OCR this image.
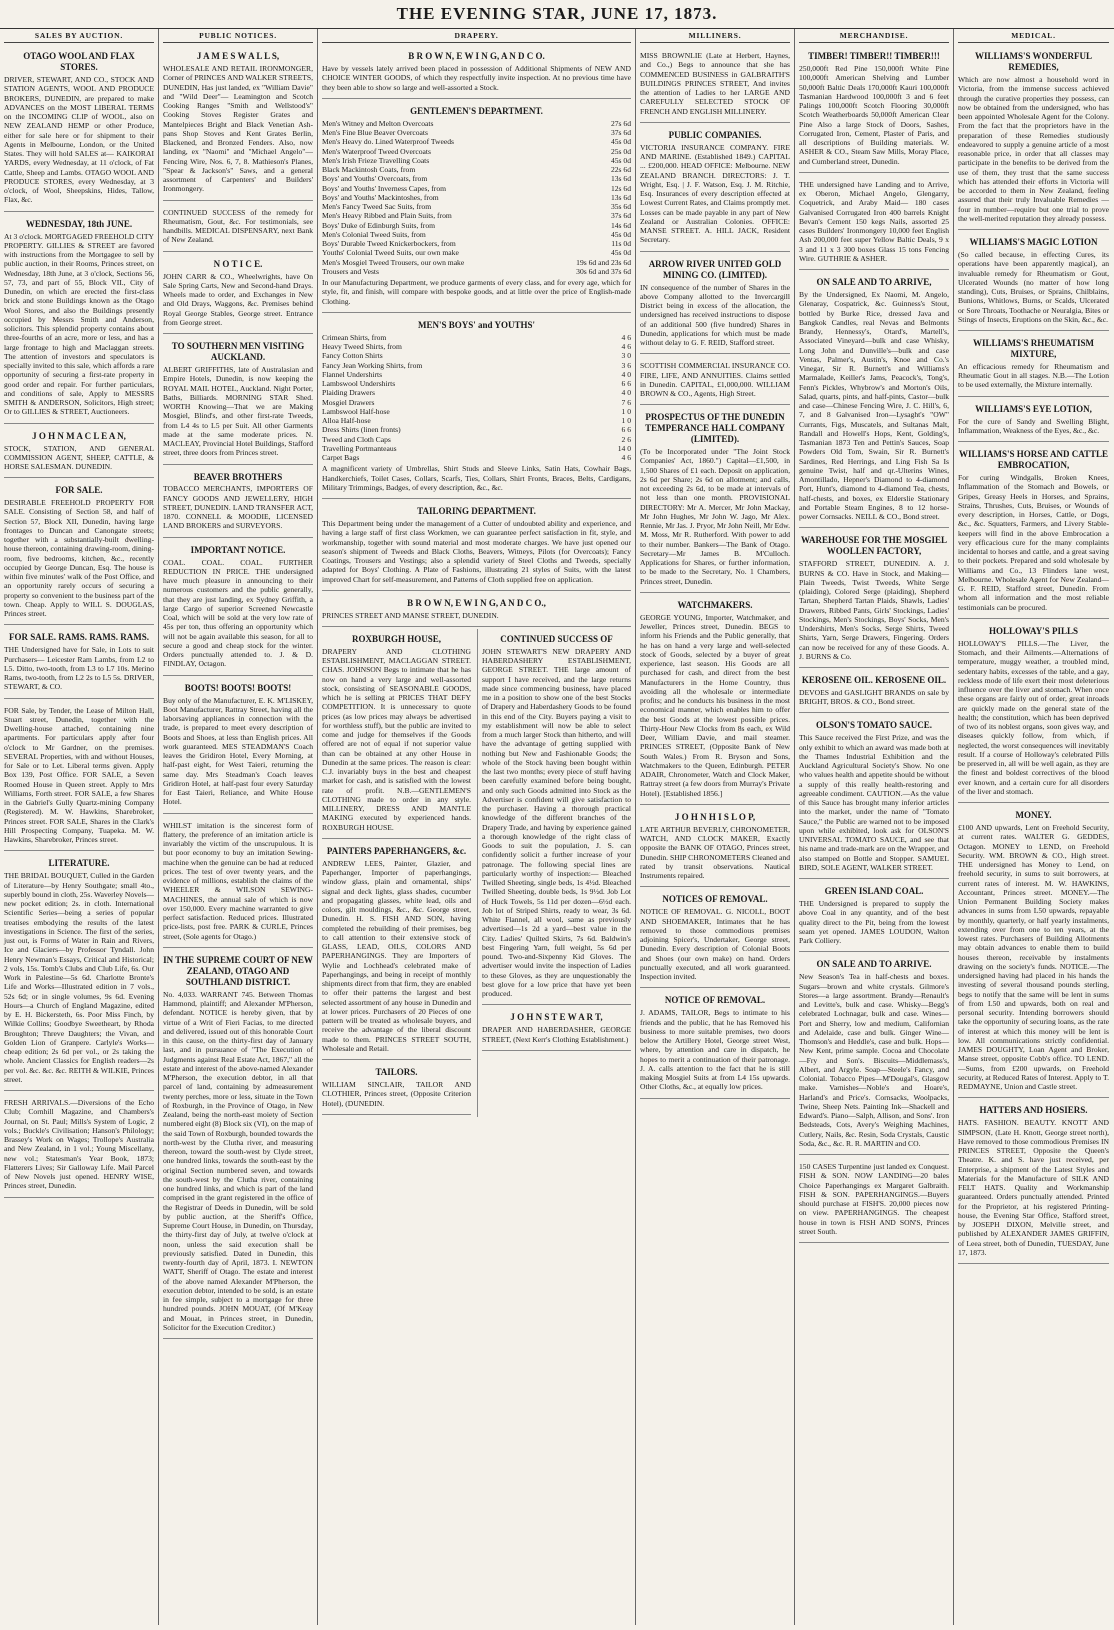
THE EVENING STAR, JUNE 17, 1873.
SALES BY AUCTION.
OTAGO WOOL AND FLAX STORES.
DRIVER, STEWART, AND CO., STOCK AND STATION AGENTS, WOOL AND PRODUCE BROKERS, DUNEDIN, are prepared to make ADVANCES on the MOST LIBERAL TERMS on the INCOMING CLIP of WOOL, also on NEW ZEALAND HEMP or other Produce, either for sale here or for shipment to their Agents in Melbourne, London, or the United States. They will hold SALES at— KAIKORAI YARDS, every Wednesday, at 11 o'clock, of Fat Cattle, Sheep and Lambs. OTAGO WOOL AND PRODUCE STORES, every Wednesday, at 3 o'clock, of Wool, Sheepskins, Hides, Tallow, Flax, &c.
WEDNESDAY, 18th JUNE.
At 3 o'clock. MORTGAGED FREEHOLD CITY PROPERTY. GILLIES & STREET are favored with instructions from the Mortgagee to sell by public auction, in their Rooms, Princes street, on Wednesday, 18th June, at 3 o'clock, Sections 56, 57, 73, and part of 55, Block VII., City of Dunedin, on which are erected the first-class brick and stone Buildings known as the Otago Wool Stores, and also the Buildings presently occupied by Messrs Smith and Anderson, solicitors. This splendid property contains about three-fourths of an acre, more or less, and has a large frontage to high and Maclaggan streets. The attention of investors and speculators is specially invited to this sale, which affords a rare opportunity of securing a first-rate property in good order and repair. For further particulars, and conditions of sale, Apply to MESSRS SMITH & ANDERSON, Solicitors, High street; Or to GILLIES & STREET, Auctioneers.
J O H N M A C L E A N,
STOCK, STATION, AND GENERAL COMMISSION AGENT, SHEEP, CATTLE, & HORSE SALESMAN. DUNEDIN.
FOR SALE.
DESIRABLE FREEHOLD PROPERTY FOR SALE. Consisting of Section 58, and half of Section 57, Block XII, Dunedin, having large frontages to Duncan and Canongate streets; together with a substantially-built dwelling-house thereon, containing drawing-room, dining-room, five bedrooms, kitchen, &c., recently occupied by George Duncan, Esq. The house is within five minutes' walk of the Post Office, and an opportunity rarely occurs of securing a property so convenient to the business part of the town. Cheap. Apply to WILL S. DOUGLAS, Princes street.
FOR SALE. RAMS. RAMS. RAMS.
THE Undersigned have for Sale, in Lots to suit Purchasers— Leicester Ram Lambs, from L2 to L5. Ditto, two-tooth, from L3 to L7 10s. Merino Rams, two-tooth, from L2 2s to L5 5s. DRIVER, STEWART, & CO.
FOR Sale, by Tender, the Lease of Milton Hall, Stuart street, Dunedin, together with the Dwelling-house attached, containing nine apartments. For particulars apply after four o'clock to Mr Gardner, on the premises. SEVERAL Properties, with and without Houses, for Sale or to Let. Liberal terms given. Apply Box 139, Post Office. FOR SALE, a Seven Roomed House in Queen street. Apply to Mrs Williams, Forth street. FOR SALE, a few Shares in the Gabriel's Gully Quartz-mining Company (Registered). M. W. Hawkins, Sharebroker, Princes street. FOR SALE, Shares in the Clark's Hill Prospecting Company, Tuapeka. M. W. Hawkins, Sharebroker, Princes street.
LITERATURE.
THE BRIDAL BOUQUET, Culled in the Garden of Literature—by Henry Southgate; small 4to., superbly bound in cloth, 25s. Waverley Novels—new pocket edition; 2s. in cloth. International Scientific Series—being a series of popular treatises embodying the results of the latest investigations in Science. The first of the series, just out, is Forms of Water in Rain and Rivers, Ice and Glaciers—by Professor Tyndall. John Henry Newman's Essays, Critical and Historical; 2 vols, 15s. Tomb's Clubs and Club Life, 6s. Our Work in Palestine—5s 6d. Charlotte Bronte's Life and Works—Illustrated edition in 7 vols., 52s 6d; or in single volumes, 9s 6d. Evening Hours—a Church of England Magazine, edited by E. H. Bickersteth, 6s. Poor Miss Finch, by Wilkie Collins; Goodbye Sweetheart, by Rhoda Broughton; Threve Daughters; the Vivan, and Golden Lion of Granpere. Carlyle's Works—cheap edition; 2s 6d per vol., or 2s taking the whole. Ancient Classics for English readers—2s per vol. &c. &c. &c. REITH & WILKIE, Princes street.
FRESH ARRIVALS.—Diversions of the Echo Club; Cornhill Magazine, and Chambers's Journal, on St. Paul; Mills's System of Logic, 2 vols.; Buckle's Civilisation; Hanson's Philology; Brassey's Work on Wages; Trollope's Australia and New Zealand, in 1 vol.; Young Miscellany, new vol.; Statesman's Year Book, 1873; Flatterers Lives; Sir Galloway Life. Mail Parcel of New Novels just opened. HENRY WISE, Princes street, Dunedin.
PUBLIC NOTICES.
J A M E S W A L L S,
WHOLESALE AND RETAIL IRONMONGER, Corner of PRINCES AND WALKER STREETS, DUNEDIN, Has just landed, ex "William Davie" and "Wild Deer"— Leamington and Scotch Cooking Ranges "Smith and Wellstood's" Cooking Stoves Register Grates and Mantelpieces Bright and Black Venetian Ash-pans Shop Stoves and Kent Grates Berlin, Blackened, and Bronzed Fenders. Also, now landing, ex "Naomi" and "Michael Angelo"— Fencing Wire, Nos. 6, 7, 8. Mathieson's Planes, "Spear & Jackson's" Saws, and a general assortment of Carpenters' and Builders' Ironmongery.
CONTINUED SUCCESS of the remedy for Rheumatism, Gout, &c. For testimonials, see handbills. MEDICAL DISPENSARY, next Bank of New Zealand.
N O T I C E.
JOHN CARR & CO., Wheelwrights, have On Sale Spring Carts, New and Second-hand Drays. Wheels made to order, and Exchanges in New and Old Drays, Waggons, &c. Premises behind Royal George Stables, George street. Entrance from George street.
TO SOUTHERN MEN VISITING AUCKLAND.
ALBERT GRIFFITHS, late of Australasian and Empire Hotels, Dunedin, is now keeping the ROYAL MAIL HOTEL, Auckland. Night Porter, Baths, Billiards. MORNING STAR Shed. WORTH Knowing—That we are Making Mosgiel, Blind's, and other first-rate Tweeds, from L4 4s to L5 per Suit. All other Garments made at the same moderate prices. N. MACLEAY, Provincial Hotel Buildings, Stafford street, three doors from Princes street.
BEAVER BROTHERS
TOBACCO MERCHANTS, IMPORTERS OF FANCY GOODS AND JEWELLERY, HIGH STREET, DUNEDIN. LAND TRANSFER ACT, 1870. CONNELL & MOODIE, LICENSED LAND BROKERS and SURVEYORS.
IMPORTANT NOTICE.
COAL. COAL. COAL. FURTHER REDUCTION IN PRICE. THE undersigned have much pleasure in announcing to their numerous customers and the public generally, that they are just landing, ex Sydney Griffith, a large Cargo of superior Screened Newcastle Coal, which will be sold at the very low rate of 45s per ton, thus offering an opportunity which will not be again available this season, for all to secure a good and cheap stock for the winter. Orders punctually attended to. J. & D. FINDLAY, Octagon.
BOOTS! BOOTS! BOOTS!
Buy only of the Manufacturer, E. K. M'LISKEY, Boot Manufacturer, Rattray Street, having all the laborsaving appliances in connection with the trade, is prepared to meet every description of Boots and Shoes, at less than English prices. All work guaranteed. MES STEADMAN'S Coach leaves the Gridiron Hotel, Every Morning, at half-past eight, for West Taieri, returning the same day. Mrs Steadman's Coach leaves Gridiron Hotel, at half-past four every Saturday for East Taieri, Reliance, and White House Hotel.
WHILST imitation is the sincerest form of flattery, the preference of an imitation article is invariably the victim of the unscrupulous. It is but poor economy to buy an imitation Sewing-machine when the genuine can be had at reduced prices. The test of over twenty years, and the evidence of millions, establish the claims of the WHEELER & WILSON SEWING-MACHINES, the annual sale of which is now over 150,000. Every machine warranted to give perfect satisfaction. Reduced prices. Illustrated price-lists, post free. PARK & CURLE, Princes street, (Sole agents for Otago.)
IN THE SUPREME COURT OF NEW ZEALAND, OTAGO AND SOUTHLAND DISTRICT.
No. 4,033. WARRANT 745. Between Thomas Hammond, plaintiff; and Alexander M'Pherson, defendant. NOTICE is hereby given, that by virtue of a Writ of Fieri Facias, to me directed and delivered, issued out of this honorable Court in this cause, on the thirty-first day of January last, and in pursuance of "The Execution of Judgments against Real Estate Act, 1867," all the estate and interest of the above-named Alexander M'Pherson, the execution debtor, in all that parcel of land, containing by admeasurement twenty perches, more or less, situate in the Town of Roxburgh, in the Province of Otago, in New Zealand, being the north-east moiety of Section numbered eight (8) Block six (VI), on the map of the said Town of Roxburgh, bounded towards the north-west by the Clutha river, and measuring thereon, toward the south-west by Clyde street, one hundred links, towards the south-east by the original Section numbered seven, and towards the south-west by the Clutha river, containing one hundred links, and which is part of the land comprised in the grant registered in the office of the Registrar of Deeds in Dunedin, will be sold by public auction, at the Sheriff's Office, Supreme Court House, in Dunedin, on Thursday, the thirty-first day of July, at twelve o'clock at noon, unless the said execution shall be previously satisfied. Dated in Dunedin, this twenty-fourth day of April, 1873. I. NEWTON WATT, Sheriff of Otago. The estate and interest of the above named Alexander M'Pherson, the execution debtor, intended to be sold, is an estate in fee simple, subject to a mortgage for three hundred pounds. JOHN MOUAT, (Of M'Keay and Mouat, in Princes street, in Dunedin, Solicitor for the Execution Creditor.)
DRAPERY.
B R O W N, E W I N G, A N D C O.
Have by vessels lately arrived been placed in possession of Additional Shipments of NEW AND CHOICE WINTER GOODS, of which they respectfully invite inspection. At no previous time have they been able to show so large and well-assorted a Stock.
GENTLEMEN'S DEPARTMENT.
Men's Witney and Melton Overcoats	27s 6d
Men's Fine Blue Beaver Overcoats	37s 6d
Men's Heavy do. Lined Waterproof Tweeds	45s 0d
Men's Waterproof Tweed Overcoats	25s 0d
Men's Irish Frieze Travelling Coats	45s 0d
Black Mackintosh Coats, from	22s 6d
Boys' and Youths' Overcoats, from	13s 6d
Boys' and Youths' Inverness Capes, from	12s 6d
Boys' and Youths' Mackintoshes, from	13s 6d
Men's Fancy Tweed Sac Suits, from	35s 6d
Men's Heavy Ribbed and Plain Suits, from	37s 6d
Boys' Duke of Edinburgh Suits, from	14s 6d
Men's Colonial Tweed Suits, from	45s 0d
Boys' Durable Tweed Knickerbockers, from	11s 0d
Youths' Colonial Tweed Suits, our own make	45s 0d
Men's Mosgiel Tweed Trousers, our own make	19s 6d and 23s 6d
Trousers and Vests	30s 6d and 37s 6d
In our Manufacturing Department, we produce garments of every class, and for every age, which for style, fit, and finish, will compare with bespoke goods, and at little over the price of English-made Clothing.
MEN'S BOYS' and YOUTHS'
Crimean Shirts, from	4 6
Heavy Tweed Shirts, from	4 6
Fancy Cotton Shirts	3 0
Fancy Jean Working Shirts, from	3 6
Flannel Undershirts	4 0
Lambswool Undershirts	6 6
Plaiding Drawers	4 0
Mosgiel Drawers	7 6
Lambswool Half-hose	1 0
Alloa Half-hose	1 0
Dress Shirts (linen fronts)	6 6
Tweed and Cloth Caps	2 6
Travelling Portmanteaus	14 0
Carpet Bags	4 6
A magnificent variety of Umbrellas, Shirt Studs and Sleeve Links, Satin Hats, Cowhair Bags, Handkerchiefs, Toilet Cases, Collars, Scarfs, Ties, Collars, Shirt Fronts, Braces, Belts, Cardigans, Military Trimmings, Badges, of every description, &c., &c.
TAILORING DEPARTMENT.
This Department being under the management of a Cutter of undoubted ability and experience, and having a large staff of first class Workmen, we can guarantee perfect satisfaction in fit, style, and workmanship, together with sound material and most moderate charges. We have just opened our season's shipment of Tweeds and Black Cloths, Beavers, Witneys, Pilots (for Overcoats); Fancy Coatings, Trousers and Vestings; also a splendid variety of Steel Cloths and Tweeds, specially adapted for Boys' Clothing. A Plate of Fashions, illustrating 21 styles of Suits, with the latest improved Chart for self-measurement, and Patterns of Cloth supplied free on application.
B R O W N, E W I N G, A N D C O.,
PRINCES STREET AND MANSE STREET, DUNEDIN.
ROXBURGH HOUSE,
DRAPERY AND CLOTHING ESTABLISHMENT, MACLAGGAN STREET. CHAS. JOHNSON Begs to intimate that he has now on hand a very large and well-assorted stock, consisting of SEASONABLE GOODS, which he is selling at PRICES THAT DEFY COMPETITION. It is unnecessary to quote prices (as low prices may always be advertised for worthless stuff), but the public are invited to come and judge for themselves if the Goods offered are not of equal if not superior value than can be obtained at any other House in Dunedin at the same prices. The reason is clear: C.J. invariably buys in the best and cheapest market for cash, and is satisfied with the lowest rate of profit. N.B.—GENTLEMEN'S CLOTHING made to order in any style. MILLINERY, DRESS AND MANTLE MAKING executed by experienced hands. ROXBURGH HOUSE.
PAINTERS PAPERHANGERS, &c.
ANDREW LEES, Painter, Glazier, and Paperhanger, Importer of paperhangings, window glass, plain and ornamental, ships' signal and deck lights, glass shades, cucumber and propagating glasses, white lead, oils and colors, gilt mouldings, &c., &c. George street, Dunedin. H. S. FISH AND SON, having completed the rebuilding of their premises, beg to call attention to their extensive stock of GLASS, LEAD, OILS, COLORS AND PAPERHANGINGS. They are Importers of Wylie and Lochhead's celebrated make of Paperhangings, and being in receipt of monthly shipments direct from that firm, they are enabled to offer their patterns the largest and best selected assortment of any house in Dunedin and at lower prices. Purchasers of 20 Pieces of one pattern will be treated as wholesale buyers, and receive the advantage of the liberal discount made to them. PRINCES STREET SOUTH, Wholesale and Retail.
TAILORS.
WILLIAM SINCLAIR, TAILOR AND CLOTHIER, Princes street, (Opposite Criterion Hotel), (DUNEDIN.
CONTINUED SUCCESS OF
JOHN STEWART'S NEW DRAPERY AND HABERDASHERY ESTABLISHMENT, GEORGE STREET. THE large amount of support I have received, and the large returns made since commencing business, have placed me in a position to show one of the best Stocks of Drapery and Haberdashery Goods to be found in this end of the City. Buyers paying a visit to my establishment will now be able to select from a much larger Stock than hitherto, and will have the advantage of getting supplied with nothing but New and Fashionable Goods; the whole of the Stock having been bought within the last two months; every piece of stuff having been carefully examined before being bought, and only such Goods admitted into Stock as the Advertiser is confident will give satisfaction to the purchaser. Having a thorough practical knowledge of the different branches of the Drapery Trade, and having by experience gained a thorough knowledge of the right class of Goods to suit the population, J. S. can confidently solicit a further increase of your patronage. The following special lines are particularly worthy of inspection:— Bleached Twilled Sheeting, single beds, 1s 4½d. Bleached Twilled Sheeting, double beds, 1s 9½d. Job Lot of Huck Towels, 5s 11d per dozen—6½d each. Job lot of Striped Shirts, ready to wear, 3s 6d. White Flannel, all wool, same as previously advertised—1s 2d a yard—best value in the City. Ladies' Quilted Skirts, 7s 6d. Baldwin's best Fingering Yarn, full weight, 5s 6d per pound. Two-and-Sixpenny Kid Gloves. The advertiser would invite the inspection of Ladies to these Gloves, as they are unquestionably the best glove for a low price that have yet been produced.
J O H N S T E W A R T,
DRAPER AND HABERDASHER, GEORGE STREET, (Next Kerr's Clothing Establishment.)
MILLINERS.
MISS BROWNLIE (Late at Herbert, Haynes, and Co.,) Begs to announce that she has COMMENCED BUSINESS in GALBRAITH'S BUILDINGS PRINCES STREET, And invites the attention of Ladies to her LARGE AND CAREFULLY SELECTED STOCK OF FRENCH AND ENGLISH MILLINERY.
PUBLIC COMPANIES.
VICTORIA INSURANCE COMPANY. FIRE AND MARINE. (Established 1849.) CAPITAL ... £200,000. HEAD OFFICE: Melbourne. NEW ZEALAND BRANCH. DIRECTORS: J. T. Wright, Esq. | J. F. Watson, Esq. J. M. Ritchie, Esq. Insurances of every description effected at Lowest Current Rates, and Claims promptly met. Losses can be made payable in any part of New Zealand or Australian Colonies. OFFICE: MANSE STREET. A. HILL JACK, Resident Secretary.
ARROW RIVER UNITED GOLD MINING CO. (LIMITED).
IN consequence of the number of Shares in the above Company allotted to the Invercargill District being in excess of the allocation, the undersigned has received instructions to dispose of an additional 500 (five hundred) Shares in Dunedin, applications for which must be made without delay to G. F. REID, Stafford street.
SCOTTISH COMMERCIAL INSURANCE CO. FIRE, LIFE, AND ANNUITIES. Claims settled in Dunedin. CAPITAL, £1,000,000. WILLIAM BROWN & CO., Agents, High Street.
PROSPECTUS OF THE DUNEDIN TEMPERANCE HALL COMPANY (LIMITED).
(To be Incorporated under "The Joint Stock Companies' Act, 1860.") Capital—£1,500, in 1,500 Shares of £1 each. Deposit on application, 2s 6d per Share; 2s 6d on allotment; and calls, not exceeding 2s 6d, to be made at intervals of not less than one month. PROVISIONAL DIRECTORY: Mr A. Mercer, Mr John Mackay, Mr John Hughes, Mr John W. Jago, Mr Alex. Rennie, Mr Jas. J. Pryor, Mr John Neill, Mr Edw. M. Moss, Mr R. Rutherford. With power to add to their number. Bankers—The Bank of Otago. Secretary—Mr James B. M'Culloch. Applications for Shares, or further information, to be made to the Secretary, No. 1 Chambers, Princes street, Dunedin.
WATCHMAKERS.
GEORGE YOUNG, Importer, Watchmaker, and Jeweller, Princes street, Dunedin. BEGS to inform his Friends and the Public generally, that he has on hand a very large and well-selected stock of Goods, selected by a buyer of great experience, last season. His Goods are all purchased for cash, and direct from the best Manufacturers in the Home Country, thus avoiding all the wholesale or intermediate profits; and he conducts his business in the most economical manner, which enables him to offer the best Goods at the lowest possible prices. Thirty-Hour New Clocks from 8s each, ex Wild Deer, William Davie, and mail steamer. PRINCES STREET, (Opposite Bank of New South Wales.) From R. Bryson and Sons, Watchmakers to the Queen, Edinburgh. PETER ADAIR, Chronometer, Watch and Clock Maker, Rattray street (a few doors from Murray's Private Hotel). [Established 1856.]
J O H N H I S L O P,
LATE ARTHUR BEVERLY, CHRONOMETER, WATCH, AND CLOCK MAKER, Exactly opposite the BANK OF OTAGO, Princes street, Dunedin. SHIP CHRONOMETERS Cleaned and rated by transit observations. Nautical Instruments repaired.
NOTICES OF REMOVAL.
NOTICE OF REMOVAL. G. NICOLL, BOOT AND SHOEMAKER, Intimates that he has removed to those commodious premises adjoining Spicer's, Undertaker, George street, Dunedin. Every description of Colonial Boots and Shoes (our own make) on hand. Orders punctually executed, and all work guaranteed. Inspection invited.
NOTICE OF REMOVAL.
J. ADAMS, TAILOR, Begs to intimate to his friends and the public, that he has Removed his business to more suitable premises, two doors below the Artillery Hotel, George street West, where, by attention and care in dispatch, he hopes to merit a continuation of their patronage. J. A. calls attention to the fact that he is still making Mosgiel Suits at from L4 15s upwards. Other Cloths, &c., at equally low prices.
MERCHANDISE.
TIMBER! TIMBER!! TIMBER!!!
250,000ft Red Pine 150,000ft White Pine 100,000ft American Shelving and Lumber 50,000ft Baltic Deals 170,000ft Kauri 100,000ft Tasmanian Hardwood 100,000ft 3 and 6 feet Palings 100,000ft Scotch Flooring 30,000ft Scotch Weatherboards 50,000ft American Clear Pine Also a large Stock of Doors, Sashes, Corrugated Iron, Cement, Plaster of Paris, and all descriptions of Building materials. W. ASHER & CO., Steam Saw Mills, Moray Place, and Cumberland street, Dunedin.
THE undersigned have Landing and to Arrive, ex Oberon, Michael Angelo, Glengarry, Coquetrick, and Araby Maid— 180 cases Galvanised Corrugated Iron 400 barrels Knight Bevan's Cement 150 kegs Nails, assorted 25 cases Builders' Ironmongery 10,000 feet English Ash 200,000 feet super Yellow Baltic Deals, 9 x 3 and 11 x 3 300 boxes Glass 15 tons Fencing Wire. GUTHRIE & ASHER.
ON SALE AND TO ARRIVE,
By the Undersigned, Ex Naomi, M. Angelo, Glenaray, Cospatrick, &c. Guinness's Stout, bottled by Burke Rice, dressed Java and Bangkok Candles, real Nevas and Belmonts Brandy, Hennessy's, Otard's, Martell's, Associated Vineyard—bulk and case Whisky, Long John and Dunville's—bulk and case Ventas, Palmer's, Austin's, Knoe and Co.'s Vinegar, Sir R. Burnett's and Williams's Marmalade, Keiller's Jams, Peacock's, Tong's, Fenn's Pickles, Whybrow's and Morton's Oils, Salad, quarts, pints, and half-pints, Castor—bulk and case—Chinese Fencing Wire, J. C. Hill's, 6, 7, and 8 Galvanised Iron—Lysaght's "OW" Currants, Figs, Muscatels, and Sultanas Malt, Randall and Howell's Hops, Kent, Golding's, Tasmanian 1873 Ten and Pettin's Sauces, Soap Powders Old Tom, Swain, Sir R. Burnett's Sardines, Red Herrings, and Ling Fish Sa Is genuine Twist, half and qr.-Ulterins Wines, Amontillado, Hepner's Diamond to 4-diamond Port, Hunt's, diamond to 4-diamond Tea, chests, half-chests, and boxes, ex Elderslie Stationary and Portable Steam Engines, 8 to 12 horse-power Cornsacks. NEILL & CO., Bond street.
WAREHOUSE FOR THE MOSGIEL WOOLLEN FACTORY,
STAFFORD STREET, DUNEDIN. A. J. BURNS & CO. Have in Stock, and Making— Plain Tweeds, Twist Tweeds, White Serge (plaiding), Colored Serge (plaiding), Shepherd Tartan, Shepherd Tartan Plaids, Shawls, Ladies' Drawers, Ribbed Pants, Girls' Stockings, Ladies' Stockings, Men's Stockings, Boys' Socks, Men's Undershirts, Men's Socks, Serge Shirts, Tweed Shirts, Yarn, Serge Drawers, Fingering. Orders can now be received for any of these Goods. A. J. BURNS & Co.
KEROSENE OIL. KEROSENE OIL.
DEVOES and GASLIGHT BRANDS on sale by BRIGHT, BROS. & CO., Bond street.
OLSON'S TOMATO SAUCE.
This Sauce received the First Prize, and was the only exhibit to which an award was made both at the Thames Industrial Exhibition and the Auckland Agricultural Society's Show. No one who values health and appetite should be without a supply of this really health-restoring and agreeable condiment. CAUTION.—As the value of this Sauce has brought many inferior articles into the market, under the name of "Tomato Sauce," the Public are warned not to be imposed upon while exhibited, look ask for OLSON'S UNIVERSAL TOMATO SAUCE, and see that his name and trade-mark are on the Wrapper, and also stamped on Bottle and Stopper. SAMUEL BIRD, SOLE AGENT, WALKER STREET.
GREEN ISLAND COAL.
THE Undersigned is prepared to supply the above Coal in any quantity, and of the best quality direct to the Pit, being from the lowest seam yet opened. JAMES LOUDON, Walton Park Colliery.
ON SALE AND TO ARRIVE.
New Season's Tea in half-chests and boxes. Sugars—brown and white crystals. Gilmore's Stores—a large assortment. Brandy—Renault's and Levitte's, bulk and case. Whisky—Begg's celebrated Lochnagar, bulk and case. Wines—Port and Sherry, low and medium, Californian and Adelaide, case and bulk. Ginger Wine—Thomson's and Heddle's, case and bulk. Hops—New Kent, prime sample. Cocoa and Chocolate—Fry and Son's. Biscuits—Middlemass's, Albert, and Argyle. Soap—Steele's Fancy, and Colonial. Tobacco Pipes—M'Dougal's, Glasgow make. Varnishes—Noble's and Hoare's, Harland's and Price's. Cornsacks, Woolpacks, Twine, Sheep Nets. Painting Ink—Shackell and Edward's. Piano—Salph, Allison, and Sons'. Iron Bedsteads, Cots, Avery's Weighing Machines, Cutlery, Nails, &c. Resin, Soda Crystals, Caustic Soda, &c., &c. R. R. MARTIN and CO.
150 CASES Turpentine just landed ex Conquest. FISH & SON. NOW LANDING—20 bales Choice Paperhangings ex Margaret Galbraith. FISH & SON. PAPERHANGINGS.—Buyers should purchase at FISH'S. 20,000 pieces now on view. PAPERHANGINGS. The cheapest house in town is FISH AND SON'S, Princes street South.
MEDICAL.
WILLIAMS'S WONDERFUL REMEDIES,
Which are now almost a household word in Victoria, from the immense success achieved through the curative properties they possess, can now be obtained from the undersigned, who has been appointed Wholesale Agent for the Colony. From the fact that the proprietors have in the preparation of these Remedies studiously endeavored to supply a genuine article of a most reasonable price, in order that all classes may participate in the benefits to be derived from the use of them, they trust that the same success which has attended their efforts in Victoria will be accorded to them in New Zealand, feeling assured that their truly Invaluable Remedies —four in number—require but one trial to prove the well-merited reputation they already possess.
WILLIAMS'S MAGIC LOTION
(So called because, in effecting Cures, its operations have been apparently magical), an invaluable remedy for Rheumatism or Gout, Ulcerated Wounds (no matter of how long standing), Cuts, Bruises, or Sprains, Chilblains, Bunions, Whitlows, Burns, or Scalds, Ulcerated or Sore Throats, Toothache or Neuralgia, Bites or Stings of Insects, Eruptions on the Skin, &c., &c.
WILLIAMS'S RHEUMATISM MIXTURE,
An efficacious remedy for Rheumatism and Rheumatic Gout in all stages. N.B.—The Lotion to be used externally, the Mixture internally.
WILLIAMS'S EYE LOTION,
For the cure of Sandy and Swelling Blight, Inflammation, Weakness of the Eyes, &c., &c.
WILLIAMS'S HORSE AND CATTLE EMBROCATION,
For curing Windgalls, Broken Knees, Inflammation of the Stomach and Bowels, or Gripes, Greasy Heels in Horses, and Sprains, Strains, Thrushes, Cuts, Bruises, or Wounds of every description, in Horses, Cattle, or Dogs, &c., &c. Squatters, Farmers, and Livery Stable-keepers will find in the above Embrocation a very efficacious cure for the many complaints incidental to horses and cattle, and a great saving to their pockets. Prepared and sold wholesale by Williams and Co., 13 Flinders lane west, Melbourne. Wholesale Agent for New Zealand— G. F. REID, Stafford street, Dunedin. From whom all information and the most reliable testimonials can be procured.
HOLLOWAY'S PILLS
HOLLOWAY'S PILLS.—The Liver, the Stomach, and their Ailments.—Alternations of temperature, muggy weather, a troubled mind, sedentary habits, excesses of the table, and a gay, reckless mode of life exert their most deleterious influence over the liver and stomach. When once these organs are fairly out of order, great inroads are quickly made on the general state of the health; the constitution, which has been deprived of two of its noblest organs, soon gives way, and diseases quickly follow, from which, if neglected, the worst consequences will inevitably result. If a course of Holloway's celebrated Pills be preserved in, all will be well again, as they are the finest and boldest correctives of the blood ever known, and a certain cure for all disorders of the liver and stomach.
MONEY.
£100 AND upwards, Lent on Freehold Security, at current rates. WALTER G. GEDDES, Octagon. MONEY to LEND, on Freehold Security. WM. BROWN & CO., High street. THE undersigned has Money to Lend, on freehold security, in sums to suit borrowers, at current rates of interest. M. W. HAWKINS, Accountant, Princes street. MONEY.—The Union Permanent Building Society makes advances in sums from L50 upwards, repayable by monthly, quarterly, or half yearly instalments, extending over from one to ten years, at the lowest rates. Purchasers of Building Allotments may obtain advances to enable them to build houses thereon, receivable by instalments drawing on the society's funds. NOTICE.—The undersigned having had placed in his hands the investing of several thousand pounds sterling, begs to notify that the same will be lent in sums of from L50 and upwards, both on real and personal security. Intending borrowers should take the opportunity of securing loans, as the rate of interest at which this money will be lent is low. All communications strictly confidential. JAMES DOUGHTY, Loan Agent and Broker, Manse street, opposite Cobb's office. TO LEND.—Sums, from £200 upwards, on Freehold security, at Reduced Rates of Interest. Apply to T. REDMAYNE, Union and Castle street.
HATTERS AND HOSIERS.
HATS. FASHION. BEAUTY. KNOTT AND SIMPSON, (Late H. Knott, George street north), Have removed to those commodious Premises IN PRINCES STREET, Opposite the Queen's Theatre. K. and S. have just received, per Enterprise, a shipment of the Latest Styles and Materials for the Manufacture of SILK AND FELT HATS. Quality and Workmanship guaranteed. Orders punctually attended. Printed for the Proprietor, at his registered Printing-house, the Evening Star Office, Stafford street, by JOSEPH DIXON, Melville street, and published by ALEXANDER JAMES GRIFFIN, of Leea street, both of Dunedin, TUESDAY, June 17, 1873.
